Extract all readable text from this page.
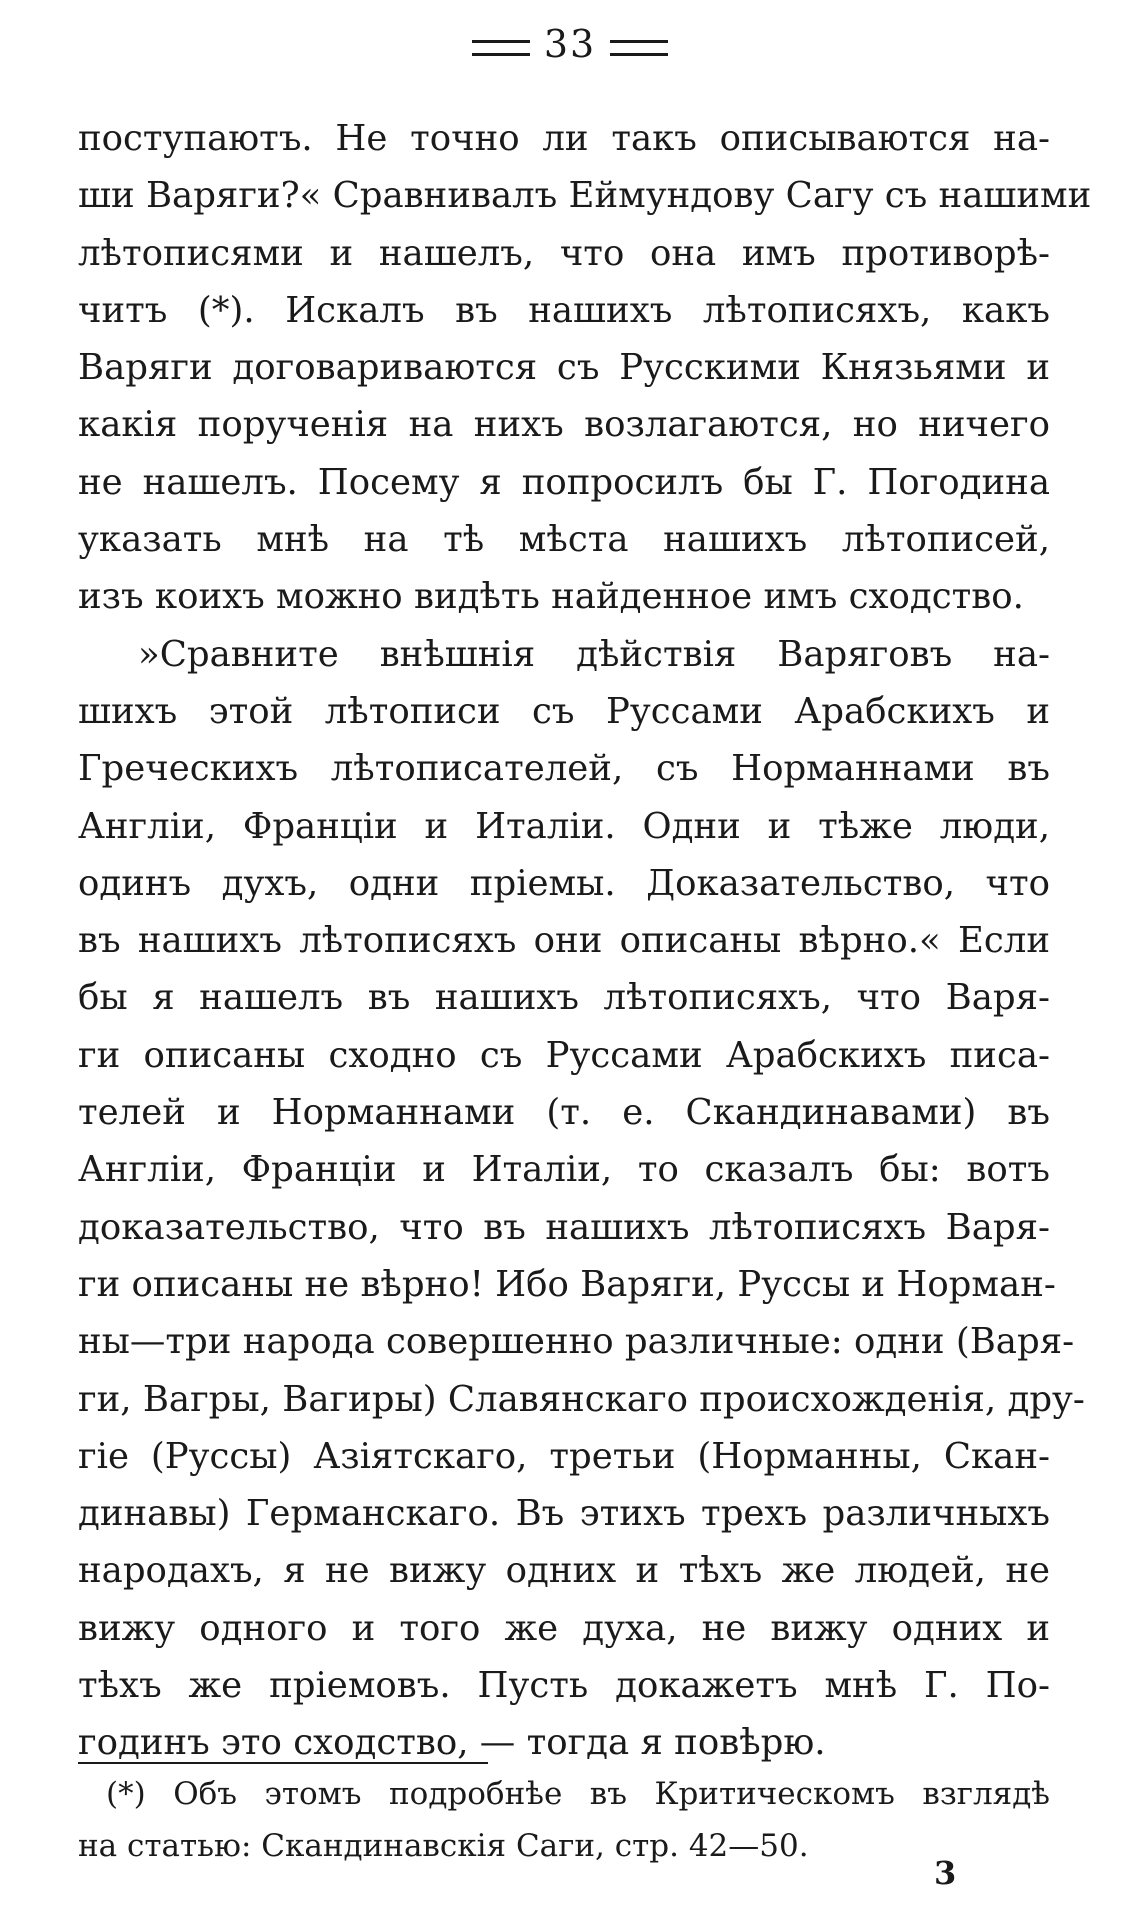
33
поступаютъ. Не точно ли такъ описываются на-
ши Варяги?« Сравнивалъ Еймундову Сагу съ нашими
лѣтописями и нашелъ, что она имъ противорѣ-
читъ (*). Искалъ въ нашихъ лѣтописяхъ, какъ
Варяги договариваются съ Русскими Князьями и
какія порученія на нихъ возлагаются, но ничего
не нашелъ. Посему я попросилъ бы Г. Погодина
указать мнѣ на тѣ мѣста нашихъ лѣтописей,
изъ коихъ можно видѣть найденное имъ сходство.
»Сравните внѣшнія дѣйствія Варяговъ на-
шихъ этой лѣтописи съ Руссами Арабскихъ и
Греческихъ лѣтописателей, съ Норманнами въ
Англіи, Франціи и Италіи. Одни и тѣже люди,
одинъ духъ, одни пріемы. Доказательство, что
въ нашихъ лѣтописяхъ они описаны вѣрно.« Если
бы я нашелъ въ нашихъ лѣтописяхъ, что Варя-
ги описаны сходно съ Руссами Арабскихъ писа-
телей и Норманнами (т. е. Скандинавами) въ
Англіи, Франціи и Италіи, то сказалъ бы: вотъ
доказательство, что въ нашихъ лѣтописяхъ Варя-
ги описаны не вѣрно! Ибо Варяги, Руссы и Норман-
ны—три народа совершенно различные: одни (Варя-
ги, Вагры, Вагиры) Славянскаго происхожденія, дру-
гіе (Руссы) Азіятскаго, третьи (Норманны, Скан-
динавы) Германскаго. Въ этихъ трехъ различныхъ
народахъ, я не вижу одних и тѣхъ же людей, не
вижу одного и того же духа, не вижу одних и
тѣхъ же пріемовъ. Пусть докажетъ мнѣ Г. По-
годинъ это сходство, — тогда я повѣрю.
(*) Объ этомъ подробнѣе въ Критическомъ взглядѣ
на статью: Скандинавскія Саги, стр. 42—50.
3
